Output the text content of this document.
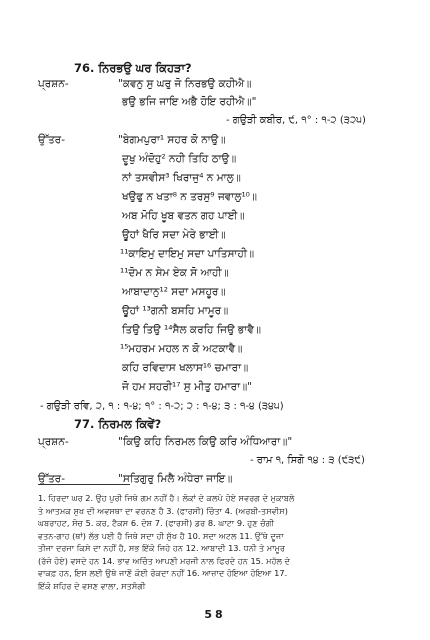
76. ਨਿਰਭਉ ਘਰ ਕਿਹੜਾ?
ਪ੍ਰਸ਼ਨ-	"ਕਵਨੁ ਸੁ ਘਰੁ ਜੋ ਨਿਰਭਉ ਕਹੀਐ॥
ਭਉ ਭਜਿ ਜਾਇ ਅਭੈ ਹੋਇ ਰਹੀਐ॥"
- ਗਉੜੀ ਕਬੀਰ, ੯, ੧° : ੧-੨ (੩੨੫)
ਉੱਤਰ-	"ਬੇਗਮਪੁਰਾ¹ ਸਹਰ ਕੋ ਨਾਉ॥
ਦੂਖੁ ਅੰਦੋਹੁ² ਨਹੀ ਤਿਹਿ ਠਾਉ॥
ਨਾਂ ਤਸਵੀਸ³ ਖਿਰਾਜੁ⁴ ਨ ਮਾਲੁ॥
ਖਉਫੁ ਨ ਖਤਾ⁸ ਨ ਤਰਸੁ⁹ ਜਵਾਲੁ¹⁰॥
ਅਬ ਮੋਹਿ ਖੂਬ ਵਤਨ ਗਹ ਪਾਈ॥
ਊਹਾਂ ਖੈਰਿ ਸਦਾ ਮੇਰੇ ਭਾਈ॥
¹¹ਕਾਇਮੁ ਦਾਇਮੁ ਸਦਾ ਪਾਤਿਸਾਹੀ॥
¹¹ਦੋਮ ਨ ਸੇਮ ਏਕ ਸੋ ਆਹੀ॥
ਆਬਾਦਾਨੁ¹² ਸਦਾ ਮਸਹੂਰ॥
ਊਹਾਂ ¹³ਗਨੀ ਬਸਹਿ ਮਾਮੂਰ॥
ਤਿਉ ਤਿਉ ¹⁴ਸੈਲ ਕਰਹਿ ਜਿਉ ਭਾਵੈ॥
¹⁵ਮਹਰਮ ਮਹਲ ਨ ਕੋ ਅਟਕਾਵੈ॥
ਕਹਿ ਰਵਿਦਾਸ ਖਲਾਸ¹⁶ ਚਮਾਰਾ॥
ਜੋ ਹਮ ਸਹਰੀ¹⁷ ਸੁ ਮੀਤੁ ਹਮਾਰਾ॥"
- ਗਉੜੀ ਰਵਿ, ੨, ੧ : ੧-੪; ੧° : ੧-੨; ੨ : ੧-੪; ੩ : ੧-੪ (੩੪੫)
77. ਨਿਰਮਲ ਕਿਵੇਂ?
ਪ੍ਰਸ਼ਨ-	"ਕਿਉ ਕਹਿ ਨਿਰਮਲ ਕਿਉ ਕਰਿ ਅੰਧਿਆਰਾ॥"
- ਰਾਮ ੧, ਸਿਗੋ ੧੪ : ੩ (੯੩੯)
ਉੱਤਰ-	"ਸਤਿਗੁਰੁ ਮਿਲੈ ਅੰਧੇਰਾ ਜਾਇ॥
1. ਹਿਰਦਾ ਘਰ 2. ਉਹ ਪੁਰੀ ਜਿਥੇ ਗਮ ਨਹੀਂ ਹੈ। ਲੋਕਾਂ ਦੇ ਕਲਪੇ ਹੋਏ ਸਵਰਗ ਦੇ ਮੁਕਾਬਲੇ
ਤੇ ਆਤਮਕ ਸੁਖ ਦੀ ਅਵਸਥਾ ਦਾ ਵਰਨਣ ਹੈ 3. (ਫਾਰਸੀ) ਚਿੰਤਾ 4. (ਅਰਬੀ-ਤਸਵੀਸ)
ਘਬਰਾਹਟ, ਸੋਚ 5. ਕਰ, ਟੈਕਸ 6. ਦੋਸ਼ 7. (ਫਾਰਸੀ) ਡਰ 8. ਘਾਟਾ 9. ਹੁਣ ਚੰਗੀ
ਵਤਨ-ਗਾਹ (ਥਾਂ) ਲੱਭ ਪਈ ਹੈ ਜਿਥੇ ਸਦਾ ਹੀ ਸੁੱਖ ਹੈ 10. ਸਦਾ ਅਟਲ 11. ਉੱਥੇ ਦੂਜਾ
ਤੀਜਾ ਦਰਜਾ ਕਿਸੇ ਦਾ ਨਹੀਂ ਹੈ, ਸਭ ਇੱਕੋ ਜਿਹੇ ਹਨ 12. ਆਬਾਦੀ 13. ਧਨੀ ਤੇ ਮਾਮੂਰ
(ਰੱਜੇ ਹੋਏ) ਵਸਦੇ ਹਨ 14. ਭਾਵ ਅਚਿੰਤ ਆਪਣੀ ਮਰਜੀ ਨਾਲ ਫਿਰਦੇ ਹਨ 15. ਮਹੱਲ ਦੇ
ਵਾਕਫ਼ ਹਨ, ਇਸ ਲਈ ਉਥੇ ਜਾਣੋਂ ਕੋਈ ਰੋਕਦਾ ਨਹੀਂ 16. ਆਜ਼ਾਦ ਹੋਇਆ ਹੋਇਆ 17.
ਇੱਕੋ ਸ਼ਹਿਰ ਦੇ ਵਸਣ ਵਾਲਾ, ਸਤਸੰਗੀ
58
